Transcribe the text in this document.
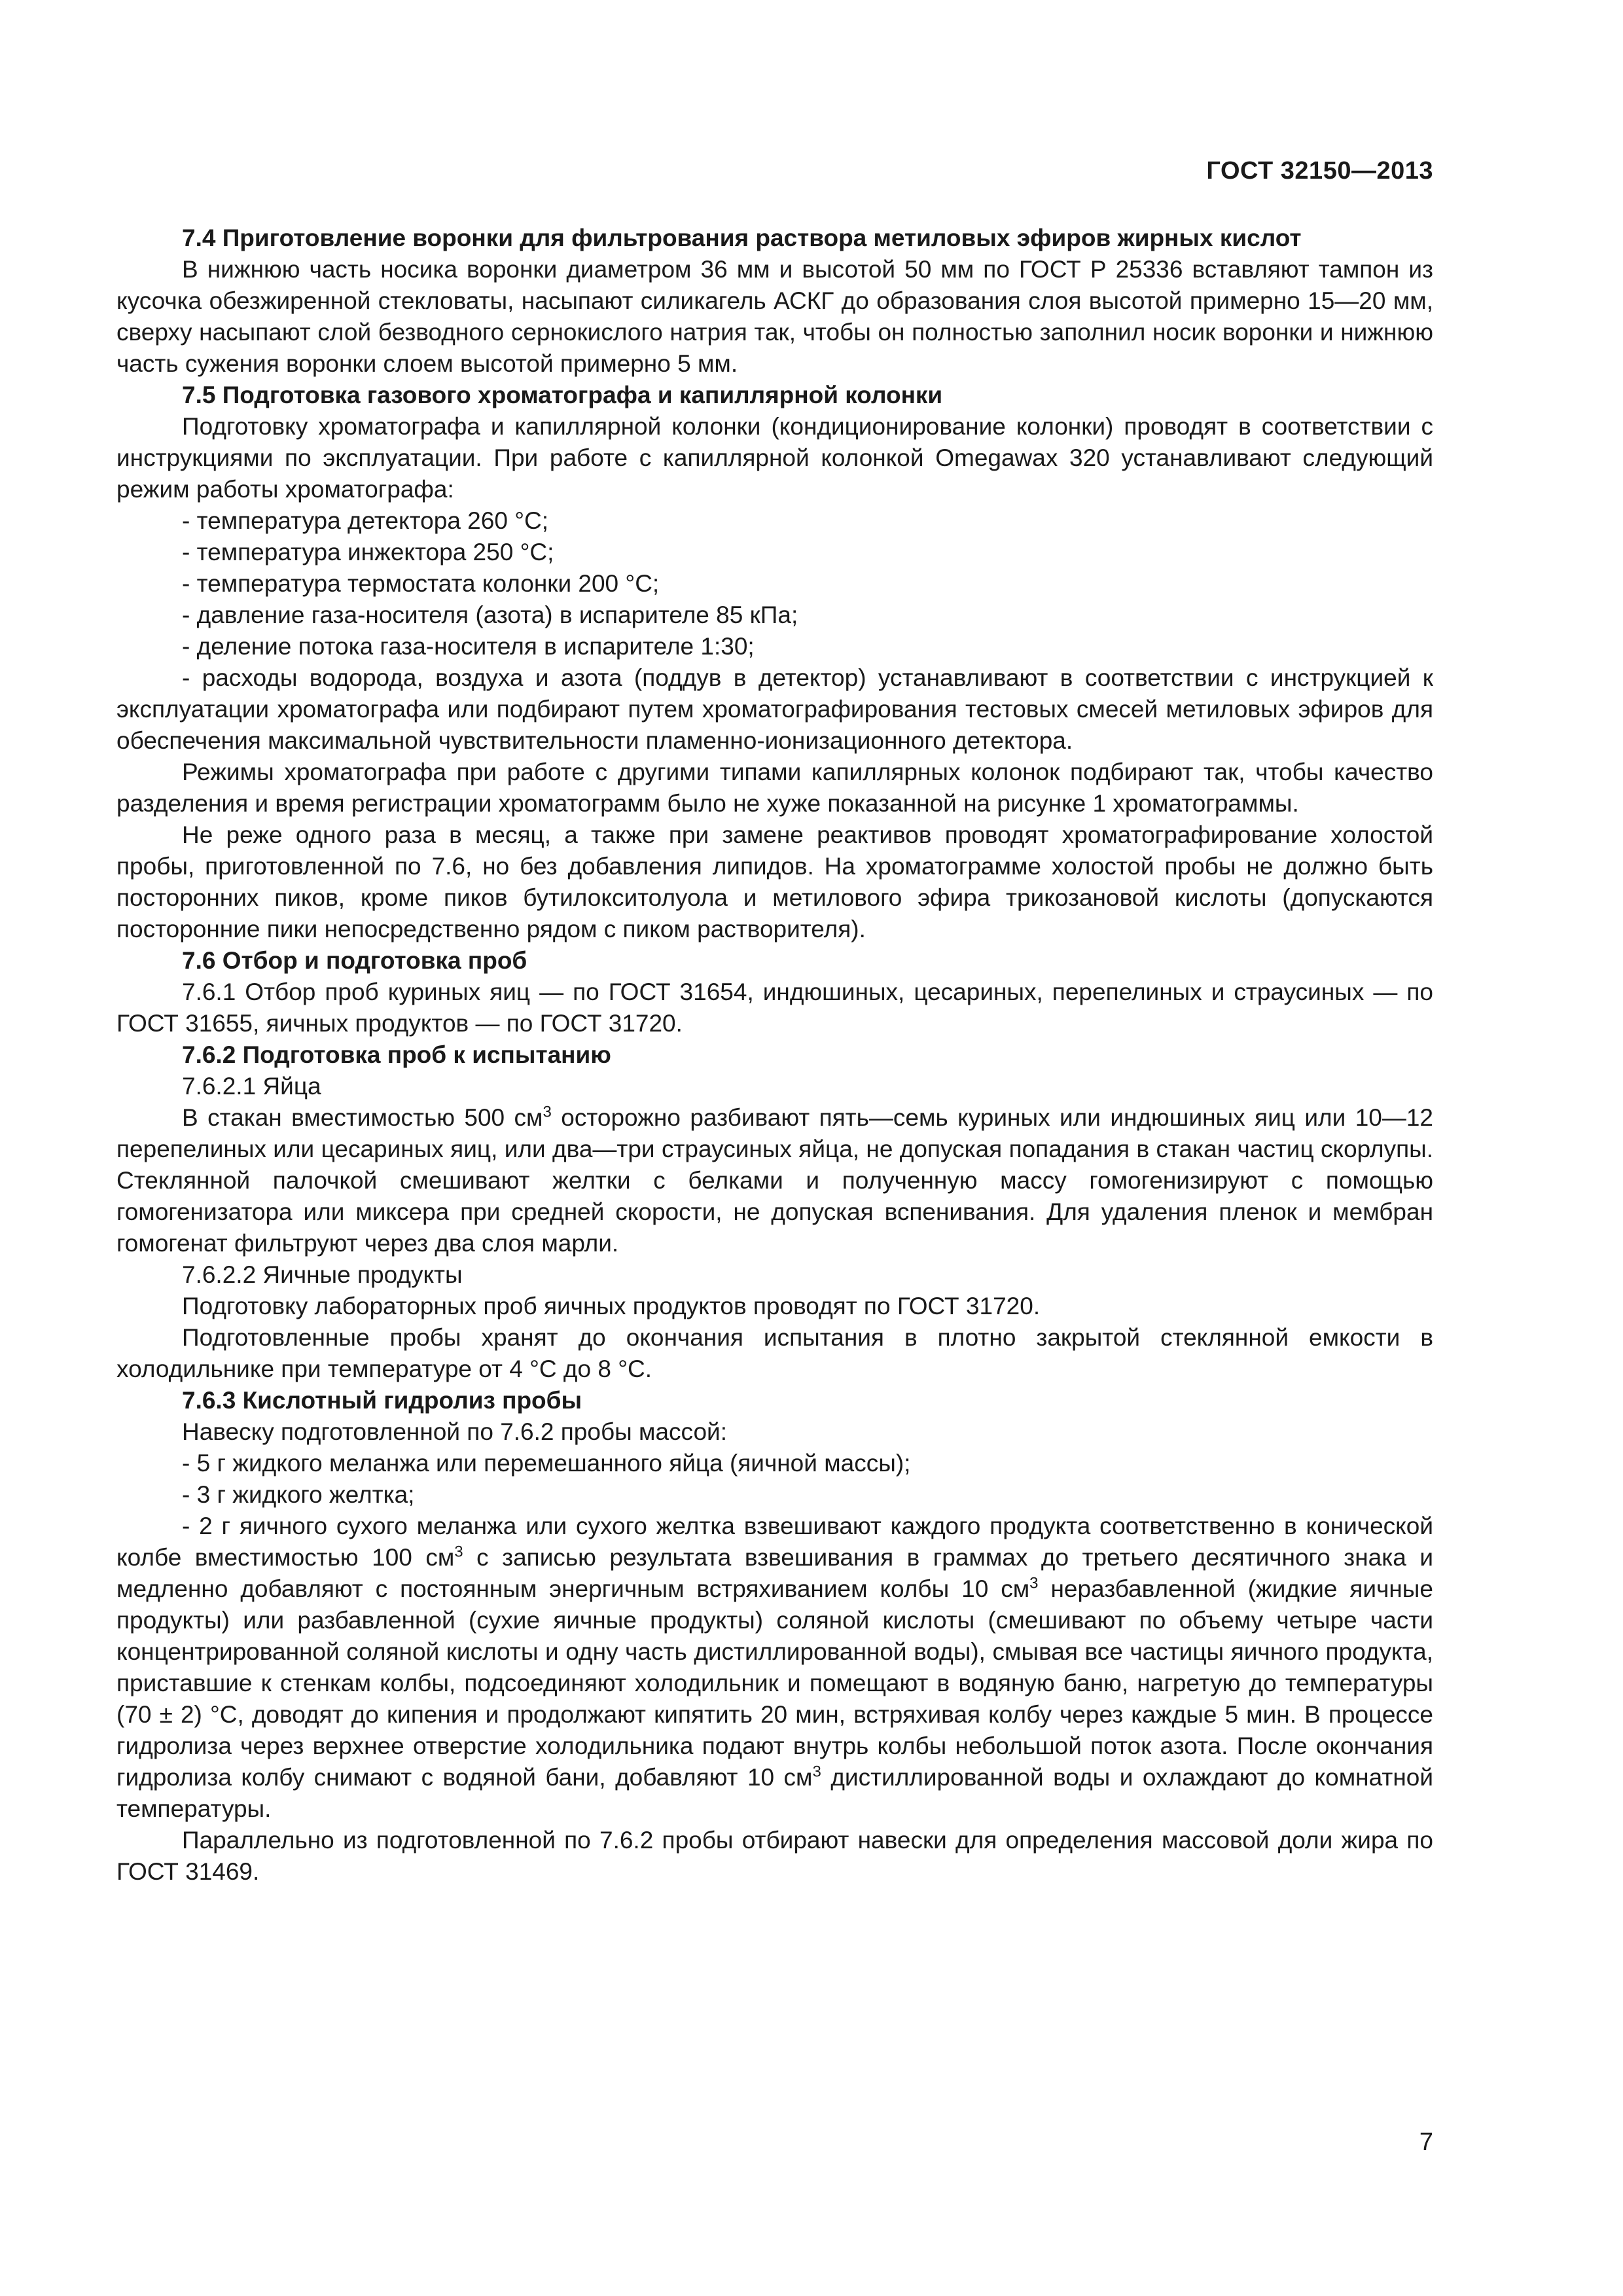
ГОСТ 32150—2013

7.4 Приготовление воронки для фильтрования раствора метиловых эфиров жирных кислот

В нижнюю часть носика воронки диаметром 36 мм и высотой 50 мм по ГОСТ Р 25336 вставляют тампон из кусочка обезжиренной стекловаты, насыпают силикагель АСКГ до образования слоя высотой примерно 15—20 мм, сверху насыпают слой безводного сернокислого натрия так, чтобы он полностью заполнил носик воронки и нижнюю часть сужения воронки слоем высотой примерно 5 мм.

7.5 Подготовка газового хроматографа и капиллярной колонки

Подготовку хроматографа и капиллярной колонки (кондиционирование колонки) проводят в соответствии с инструкциями по эксплуатации. При работе с капиллярной колонкой Omegawax 320 устанавливают следующий режим работы хроматографа:

- температура детектора 260 °С;

- температура инжектора 250 °С;

- температура термостата колонки 200 °С;

- давление газа-носителя (азота) в испарителе 85 кПа;

- деление потока газа-носителя в испарителе 1:30;

- расходы водорода, воздуха и азота (поддув в детектор) устанавливают в соответствии с инструкцией к эксплуатации хроматографа или подбирают путем хроматографирования тестовых смесей метиловых эфиров для обеспечения максимальной чувствительности пламенно-ионизационного детектора.

Режимы хроматографа при работе с другими типами капиллярных колонок подбирают так, чтобы качество разделения и время регистрации хроматограмм было не хуже показанной на рисунке 1 хроматограммы.

Не реже одного раза в месяц, а также при замене реактивов проводят хроматографирование холостой пробы, приготовленной по 7.6, но без добавления липидов. На хроматограмме холостой пробы не должно быть посторонних пиков, кроме пиков бутилокситолуола и метилового эфира трикозановой кислоты (допускаются посторонние пики непосредственно рядом с пиком растворителя).

7.6 Отбор и подготовка проб

7.6.1 Отбор проб куриных яиц — по ГОСТ 31654, индюшиных, цесариных, перепелиных и страусиных — по ГОСТ 31655, яичных продуктов — по ГОСТ 31720.

7.6.2 Подготовка проб к испытанию

7.6.2.1 Яйца

В стакан вместимостью 500 $см^3$ осторожно разбивают пять—семь куриных или индюшиных яиц или 10—12 перепелиных или цесариных яиц, или два—три страусиных яйца, не допуская попадания в стакан частиц скорлупы. Стеклянной палочкой смешивают желтки с белками и полученную массу гомогенизируют с помощью гомогенизатора или миксера при средней скорости, не допуская вспенивания. Для удаления пленок и мембран гомогенат фильтруют через два слоя марли.

7.6.2.2 Яичные продукты

Подготовку лабораторных проб яичных продуктов проводят по ГОСТ 31720.

Подготовленные пробы хранят до окончания испытания в плотно закрытой стеклянной емкости в холодильнике при температуре от 4 °С до 8 °С.

7.6.3 Кислотный гидролиз пробы

Навеску подготовленной по 7.6.2 пробы массой:

- 5 г жидкого меланжа или перемешанного яйца (яичной массы);

- 3 г жидкого желтка;

- 2 г яичного сухого меланжа или сухого желтка взвешивают каждого продукта соответственно в конической колбе вместимостью 100 $см^3$ с записью результата взвешивания в граммах до третьего десятичного знака и медленно добавляют с постоянным энергичным встряхиванием колбы 10 $см^3$ неразбавленной (жидкие яичные продукты) или разбавленной (сухие яичные продукты) соляной кислоты (смешивают по объему четыре части концентрированной соляной кислоты и одну часть дистиллированной воды), смывая все частицы яичного продукта, приставшие к стенкам колбы, подсоединяют холодильник и помещают в водяную баню, нагретую до температуры (70 ± 2) °С, доводят до кипения и продолжают кипятить 20 мин, встряхивая колбу через каждые 5 мин. В процессе гидролиза через верхнее отверстие холодильника подают внутрь колбы небольшой поток азота. После окончания гидролиза колбу снимают с водяной бани, добавляют 10 $см^3$ дистиллированной воды и охлаждают до комнатной температуры.

Параллельно из подготовленной по 7.6.2 пробы отбирают навески для определения массовой доли жира по ГОСТ 31469.

7
